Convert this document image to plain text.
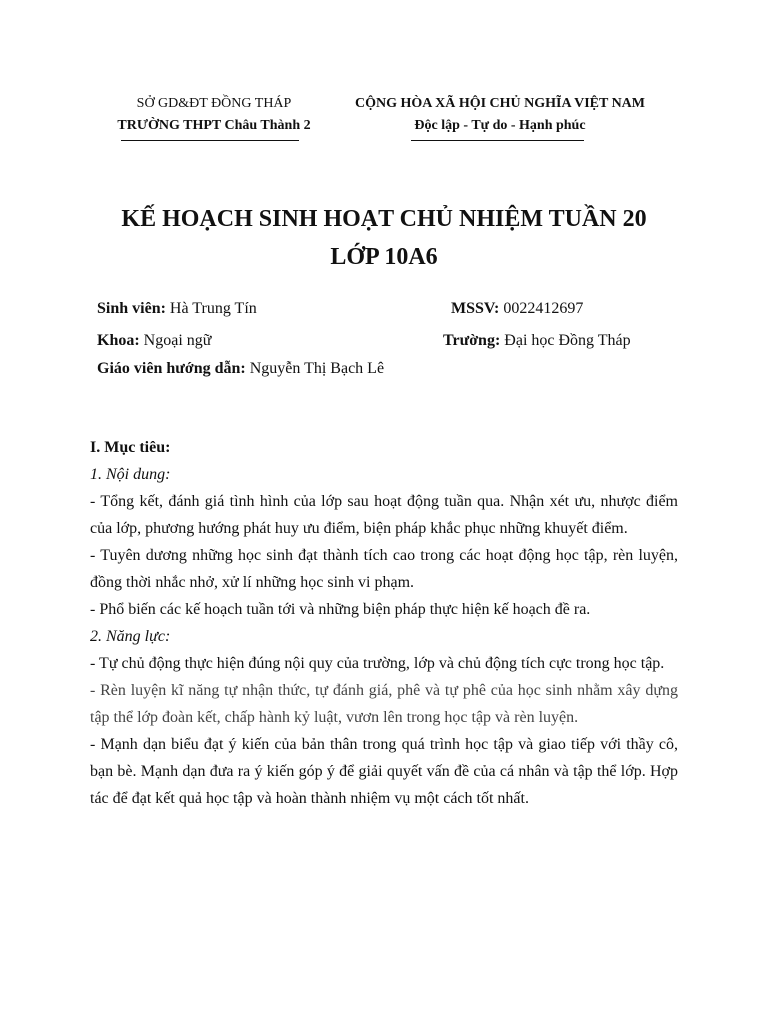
SỞ GD&ĐT ĐỒNG THÁP
TRƯỜNG THPT Châu Thành 2
CỘNG HÒA XÃ HỘI CHỦ NGHĨA VIỆT NAM
Độc lập - Tự do - Hạnh phúc
KẾ HOẠCH SINH HOẠT CHỦ NHIỆM TUẦN 20
LỚP 10A6
Sinh viên: Hà Trung Tín	MSSV: 0022412697
Khoa: Ngoại ngữ	Trường: Đại học Đồng Tháp
Giáo viên hướng dẫn: Nguyễn Thị Bạch Lê

I. Mục tiêu:

1. Nội dung:

- Tổng kết, đánh giá tình hình của lớp sau hoạt động tuần qua. Nhận xét ưu, nhược điểm của lớp, phương hướng phát huy ưu điểm, biện pháp khắc phục những khuyết điểm.

- Tuyên dương những học sinh đạt thành tích cao trong các hoạt động học tập, rèn luyện, đồng thời nhắc nhở, xử lí những học sinh vi phạm.

- Phổ biến các kế hoạch tuần tới và những biện pháp thực hiện kế hoạch đề ra.

2. Năng lực:

- Tự chủ động thực hiện đúng nội quy của trường, lớp và chủ động tích cực trong học tập.

- Rèn luyện kĩ năng tự nhận thức, tự đánh giá, phê và tự phê của học sinh nhằm xây dựng tập thể lớp đoàn kết, chấp hành kỷ luật, vươn lên trong học tập và rèn luyện.

- Mạnh dạn biểu đạt ý kiến của bản thân trong quá trình học tập và giao tiếp với thầy cô, bạn bè. Mạnh dạn đưa ra ý kiến góp ý để giải quyết vấn đề của cá nhân và tập thể lớp. Hợp tác để đạt kết quả học tập và hoàn thành nhiệm vụ một cách tốt nhất.
